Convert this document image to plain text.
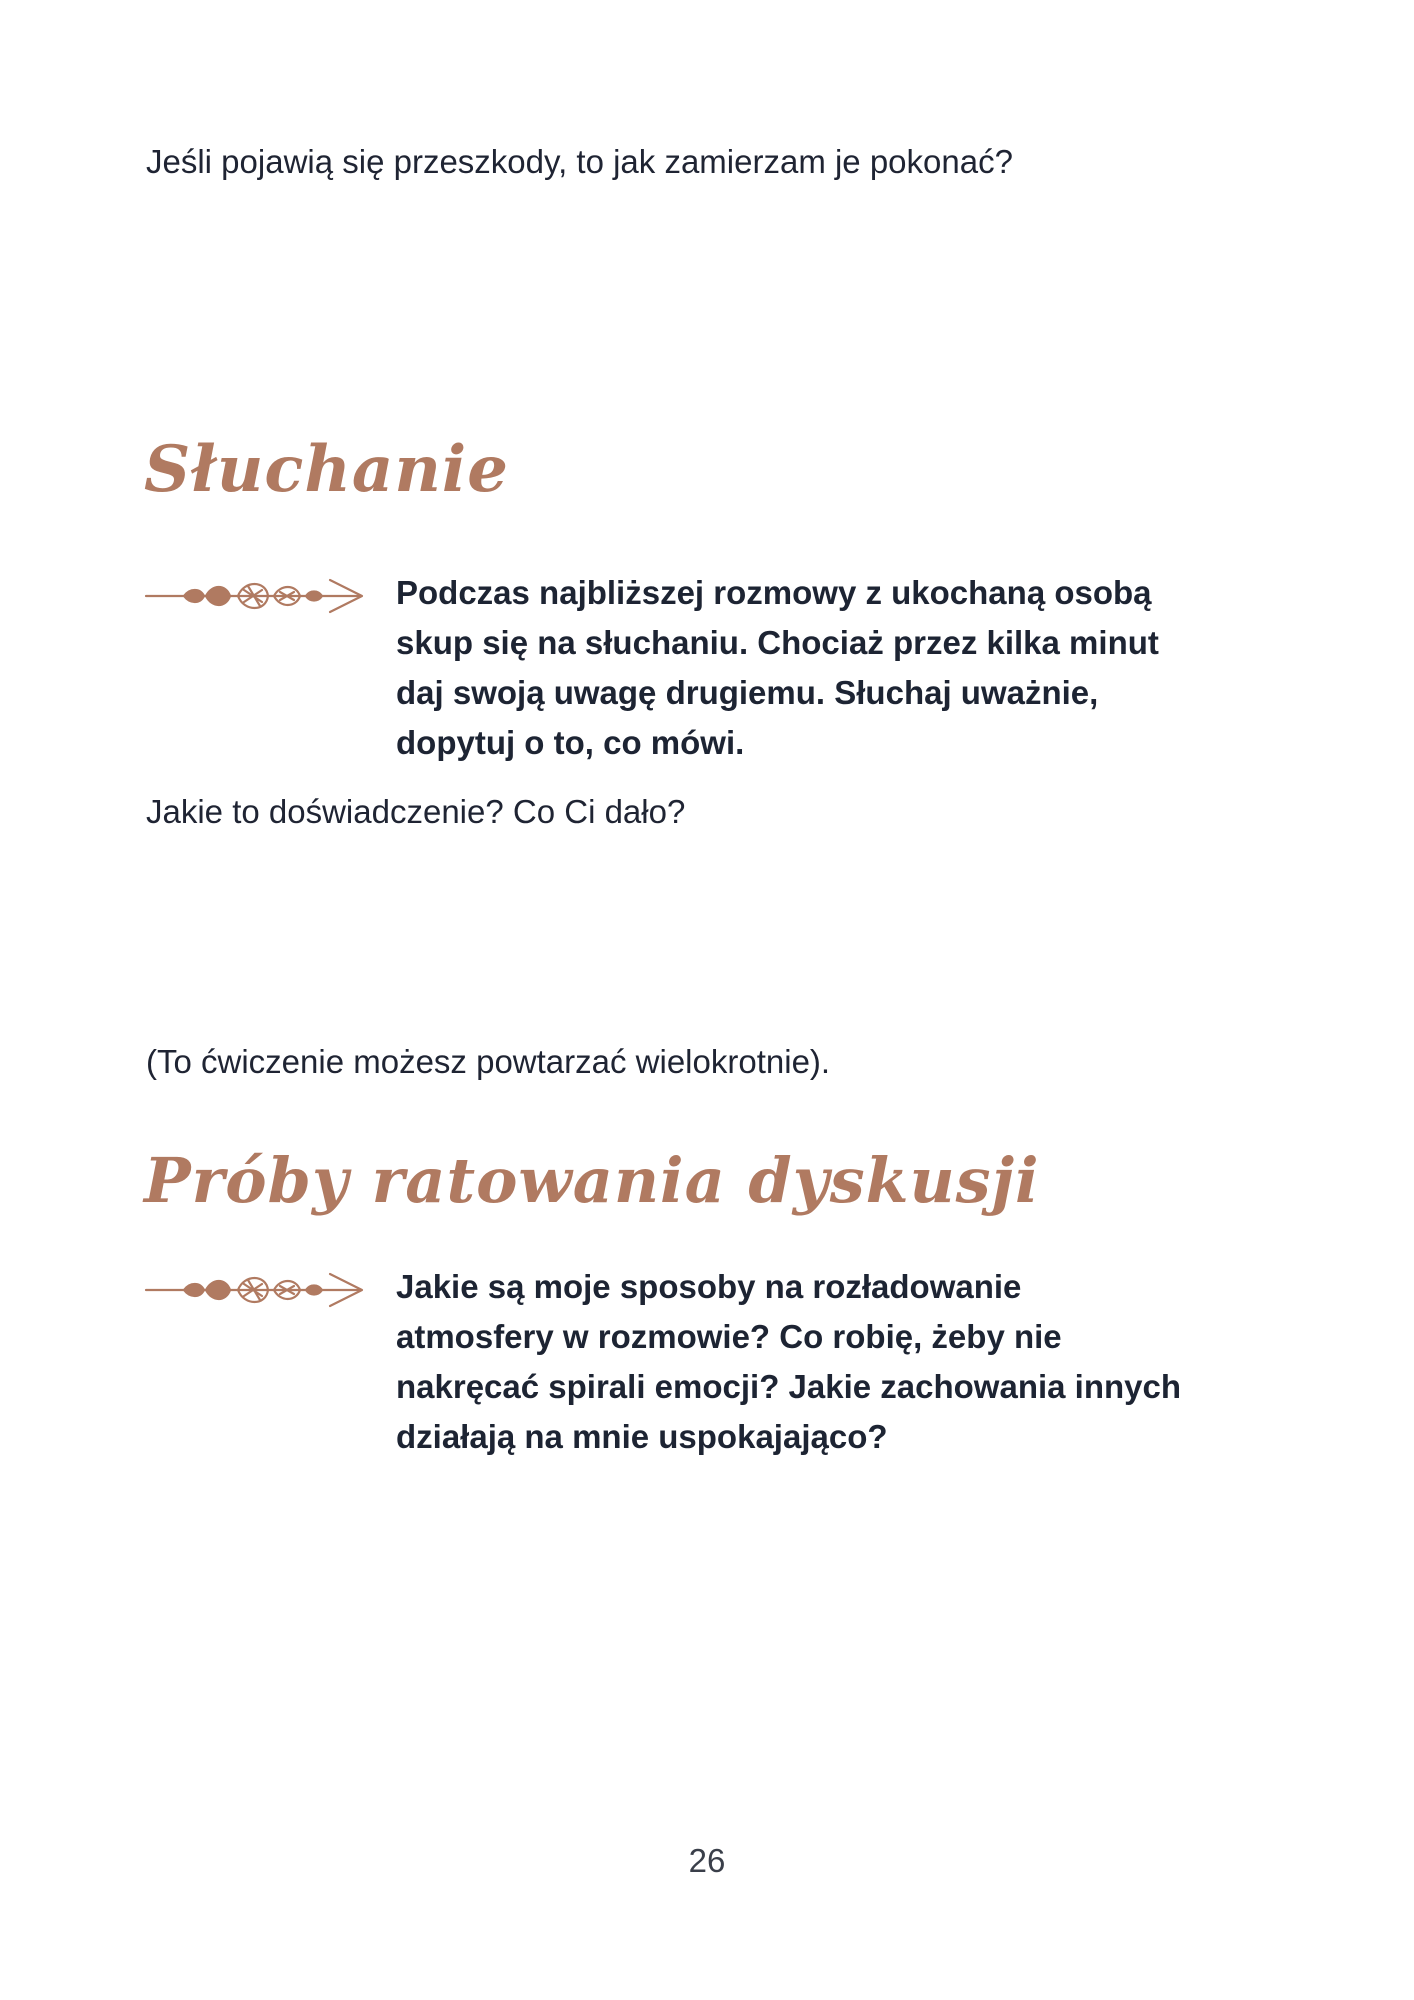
Jeśli pojawią się przeszkody, to jak zamierzam je pokonać?

Słuchanie
Podczas najbliższej rozmowy z ukochaną osobą
skup się na słuchaniu. Chociaż przez kilka minut
daj swoją uwagę drugiemu. Słuchaj uważnie,
dopytuj o to, co mówi.

Jakie to doświadczenie? Co Ci dało?

(To ćwiczenie możesz powtarzać wielokrotnie).

Próby ratowania dyskusji
Jakie są moje sposoby na rozładowanie
atmosfery w rozmowie? Co robię, żeby nie
nakręcać spirali emocji? Jakie zachowania innych
działają na mnie uspokajająco?

26
